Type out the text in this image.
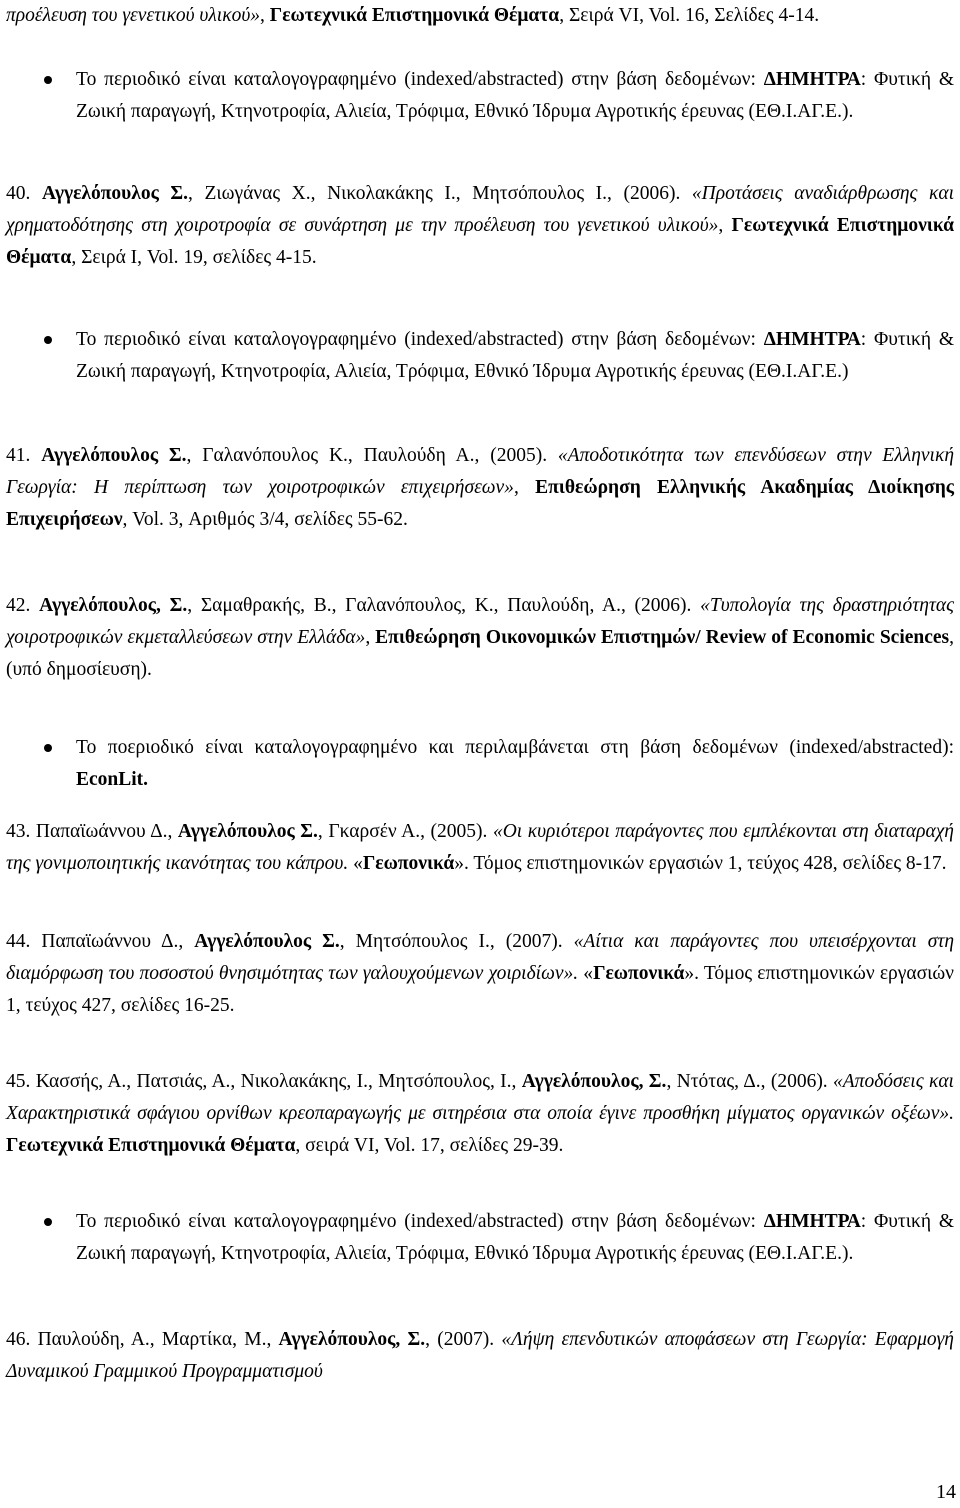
προέλευση του γενετικού υλικού», Γεωτεχνικά Επιστημονικά Θέματα, Σειρά VI, Vol. 16, Σελίδες 4-14.
Το περιοδικό είναι καταλογογραφημένο (indexed/abstracted) στην βάση δεδομένων: ΔΗΜΗΤΡΑ: Φυτική & Ζωική παραγωγή, Κτηνοτροφία, Αλιεία, Τρόφιμα, Εθνικό Ίδρυμα Αγροτικής έρευνας (ΕΘ.Ι.ΑΓ.Ε.).
40. Αγγελόπουλος Σ., Ζιωγάνας Χ., Νικολακάκης Ι., Μητσόπουλος Ι., (2006). «Προτάσεις αναδιάρθρωσης και χρηματοδότησης στη χοιροτροφία σε συνάρτηση με την προέλευση του γενετικού υλικού», Γεωτεχνικά Επιστημονικά Θέματα, Σειρά Ι, Vol. 19, σελίδες 4-15.
Το περιοδικό είναι καταλογογραφημένο (indexed/abstracted) στην βάση δεδομένων: ΔΗΜΗΤΡΑ: Φυτική & Ζωική παραγωγή, Κτηνοτροφία, Αλιεία, Τρόφιμα, Εθνικό Ίδρυμα Αγροτικής έρευνας (ΕΘ.Ι.ΑΓ.Ε.)
41. Αγγελόπουλος Σ., Γαλανόπουλος Κ., Παυλούδη Α., (2005). «Αποδοτικότητα των επενδύσεων στην Ελληνική Γεωργία: Η περίπτωση των χοιροτροφικών επιχειρήσεων», Επιθεώρηση Ελληνικής Ακαδημίας Διοίκησης Επιχειρήσεων, Vol. 3, Αριθμός 3/4, σελίδες 55-62.
42. Αγγελόπουλος, Σ., Σαμαθρακής, Β., Γαλανόπουλος, Κ., Παυλούδη, Α., (2006). «Τυπολογία της δραστηριότητας χοιροτροφικών εκμεταλλεύσεων στην Ελλάδα», Επιθεώρηση Οικονομικών Επιστημών/ Review of Economic Sciences, (υπό δημοσίευση).
Το ποεριοδικό είναι καταλογογραφημένο και περιλαμβάνεται στη βάση δεδομένων (indexed/abstracted): EconLit.
43. Παπαϊωάννου Δ., Αγγελόπουλος Σ., Γκαρσέν Α., (2005). «Οι κυριότεροι παράγοντες που εμπλέκονται στη διαταραχή της γονιμοποιητικής ικανότητας του κάπρου. «Γεωπονικά». Τόμος επιστημονικών εργασιών 1, τεύχος 428, σελίδες 8-17.
44. Παπαϊωάννου Δ., Αγγελόπουλος Σ., Μητσόπουλος Ι., (2007). «Αίτια και παράγοντες που υπεισέρχονται στη διαμόρφωση του ποσοστού θνησιμότητας των γαλουχούμενων χοιριδίων». «Γεωπονικά». Τόμος επιστημονικών εργασιών 1, τεύχος 427, σελίδες 16-25.
45. Κασσής, Α., Πατσιάς, Α., Νικολακάκης, Ι., Μητσόπουλος, Ι., Αγγελόπουλος, Σ., Ντότας, Δ., (2006). «Αποδόσεις και Χαρακτηριστικά σφάγιου ορνίθων κρεοπαραγωγής με σιτηρέσια στα οποία έγινε προσθήκη μίγματος οργανικών οξέων». Γεωτεχνικά Επιστημονικά Θέματα, σειρά VI, Vol. 17, σελίδες 29-39.
Το περιοδικό είναι καταλογογραφημένο (indexed/abstracted) στην βάση δεδομένων: ΔΗΜΗΤΡΑ: Φυτική & Ζωική παραγωγή, Κτηνοτροφία, Αλιεία, Τρόφιμα, Εθνικό Ίδρυμα Αγροτικής έρευνας (ΕΘ.Ι.ΑΓ.Ε.).
46. Παυλούδη, Α., Μαρτίκα, Μ., Αγγελόπουλος, Σ., (2007). «Λήψη επενδυτικών αποφάσεων στη Γεωργία: Εφαρμογή Δυναμικού Γραμμικού Προγραμματισμού
14
